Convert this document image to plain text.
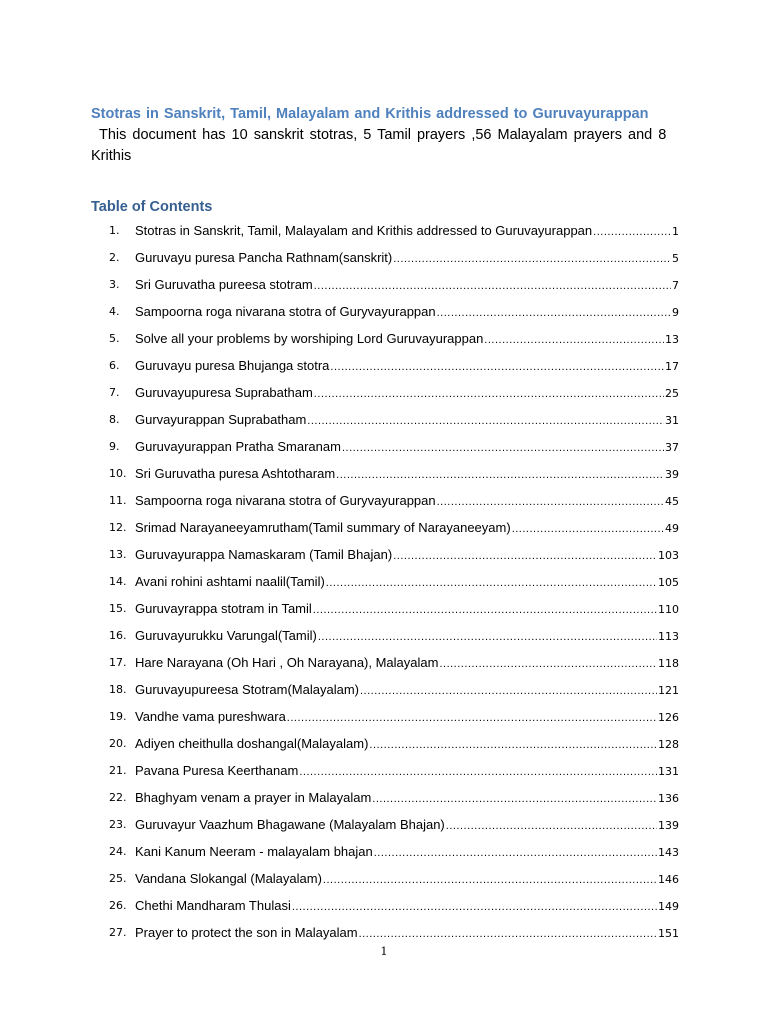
Stotras in Sanskrit, Tamil, Malayalam and Krithis addressed to Guruvayurappan
This document has 10 sanskrit stotras, 5 Tamil prayers ,56 Malayalam prayers and 8 Krithis
Table of Contents
1.	Stotras in Sanskrit, Tamil, Malayalam and Krithis addressed to Guruvayurappan .....	1
2.	Guruvayu puresa Pancha Rathnam(sanskrit) .....	5
3.	Sri Guruvatha pureesa stotram .....	7
4.	Sampoorna roga nivarana stotra of Guryvayurappan .....	9
5.	Solve all your problems by worshiping Lord Guruvayurappan .....	13
6.	Guruvayu puresa Bhujanga stotra .....	17
7.	Guruvayupuresa Suprabatham .....	25
8.	Gurvayurappan Suprabatham .....	31
9.	Guruvayurappan Pratha Smaranam .....	37
10. Sri Guruvatha puresa Ashtotharam .....	39
11. Sampoorna roga nivarana stotra of Guryvayurappan .....	45
12. Srimad Narayaneeyamrutham(Tamil summary of Narayaneeyam) .....	49
13. Guruvayurappa Namaskaram (Tamil Bhajan) .....	103
14. Avani rohini ashtami naalil(Tamil) .....	105
15. Guruvayrappa stotram in Tamil .....	110
16. Guruvayurukku Varungal(Tamil) .....	113
17. Hare Narayana (Oh Hari , Oh Narayana), Malayalam .....	118
18. Guruvayupureesa Stotram(Malayalam) .....	121
19. Vandhe vama pureshwara .....	126
20. Adiyen cheithulla doshangal(Malayalam) .....	128
21. Pavana Puresa Keerthanam .....	131
22. Bhaghyam venam a prayer in Malayalam .....	136
23. Guruvayur Vaazhum Bhagawane (Malayalam Bhajan) .....	139
24. Kani Kanum Neeram - malayalam bhajan .....	143
25. Vandana Slokangal (Malayalam) .....	146
26. Chethi Mandharam Thulasi .....	149
27. Prayer to protect the son in Malayalam .....	151
1
